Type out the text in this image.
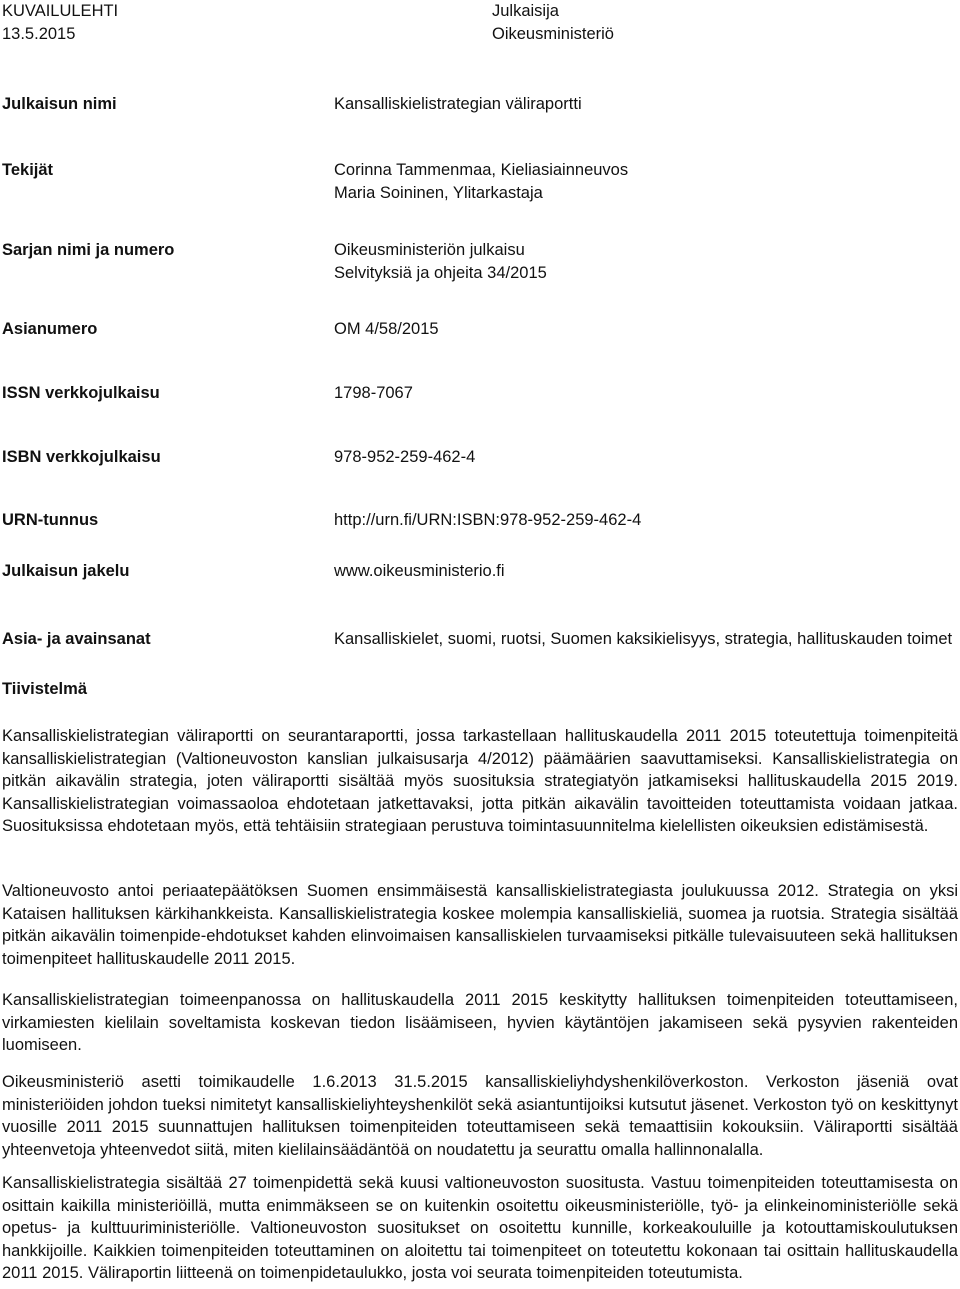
KUVAILULEHTI
13.5.2015
Julkaisija
Oikeusministeriö
Julkaisun nimi	Kansalliskielistrategian väliraportti
Tekijät	Corinna Tammenmaa, Kieliasiainneuvos
Maria Soininen, Ylitarkastaja
Sarjan nimi ja numero	Oikeusministeriön julkaisu
Selvityksiä ja ohjeita 34/2015
Asianumero	OM 4/58/2015
ISSN verkkojulkaisu	1798-7067
ISBN verkkojulkaisu	978-952-259-462-4
URN-tunnus	http://urn.fi/URN:ISBN:978-952-259-462-4
Julkaisun jakelu	www.oikeusministerio.fi
Asia- ja avainsanat	Kansalliskielet, suomi, ruotsi, Suomen kaksikielisyys, strategia, hallituskauden toimet
Tiivistelmä
Kansalliskielistrategian väliraportti on seurantaraportti, jossa tarkastellaan hallituskaudella 2011 2015 toteutettuja toimenpiteitä kansalliskielistrategian (Valtioneuvoston kanslian julkaisusarja 4/2012) päämäärien saavuttamiseksi. Kansalliskielistrategia on pitkän aikavälin strategia, joten väliraportti sisältää myös suosituksia strategiatyön jatkamiseksi hallituskaudella 2015 2019. Kansalliskielistrategian voimassaoloa ehdotetaan jatkettavaksi, jotta pitkän aikavälin tavoitteiden toteuttamista voidaan jatkaa. Suosituksissa ehdotetaan myös, että tehtäisiin strategiaan perustuva toimintasuunnitelma kielellisten oikeuksien edistämisestä.
Valtioneuvosto antoi periaatepäätöksen Suomen ensimmäisestä kansalliskielistrategiasta joulukuussa 2012. Strategia on yksi Kataisen hallituksen kärkihankkeista. Kansalliskielistrategia koskee molempia kansalliskieliä, suomea ja ruotsia. Strategia sisältää pitkän aikavälin toimenpide-ehdotukset kahden elinvoimaisen kansalliskielen turvaamiseksi pitkälle tulevaisuuteen sekä hallituksen toimenpiteet hallituskaudelle 2011 2015.
Kansalliskielistrategian toimeenpanossa on hallituskaudella 2011 2015 keskitytty hallituksen toimenpiteiden toteuttamiseen, virkamiesten kielilain soveltamista koskevan tiedon lisäämiseen, hyvien käytäntöjen jakamiseen sekä pysyvien rakenteiden luomiseen.
Oikeusministeriö asetti toimikaudelle 1.6.2013 31.5.2015 kansalliskieliyhdyshenkilöverkoston. Verkoston jäseniä ovat ministeriöiden johdon tueksi nimitetyt kansalliskieliyhteyshenkilöt sekä asiantuntijoiksi kutsutut jäsenet. Verkoston työ on keskittynyt vuosille 2011 2015 suunnattujen hallituksen toimenpiteiden toteuttamiseen sekä temaattisiin kokouksiin. Väliraportti sisältää yhteenvetoja yhteenvedot siitä, miten kielilainsäädäntöä on noudatettu ja seurattu omalla hallinnonalalla.
Kansalliskielistrategia sisältää 27 toimenpidettä sekä kuusi valtioneuvoston suositusta. Vastuu toimenpiteiden toteuttamisesta on osittain kaikilla ministeriöillä, mutta enimmäkseen se on kuitenkin osoitettu oikeusministeriölle, työ- ja elinkeinoministeriölle sekä opetus- ja kulttuuriministeriölle. Valtioneuvoston suositukset on osoitettu kunnille, korkeakouluille ja kotouttamiskoulutuksen hankkijoille. Kaikkien toimenpiteiden toteuttaminen on aloitettu tai toimenpiteet on toteutettu kokonaan tai osittain hallituskaudella 2011 2015. Väliraportin liitteenä on toimenpidetaulukko, josta voi seurata toimenpiteiden toteutumista.
